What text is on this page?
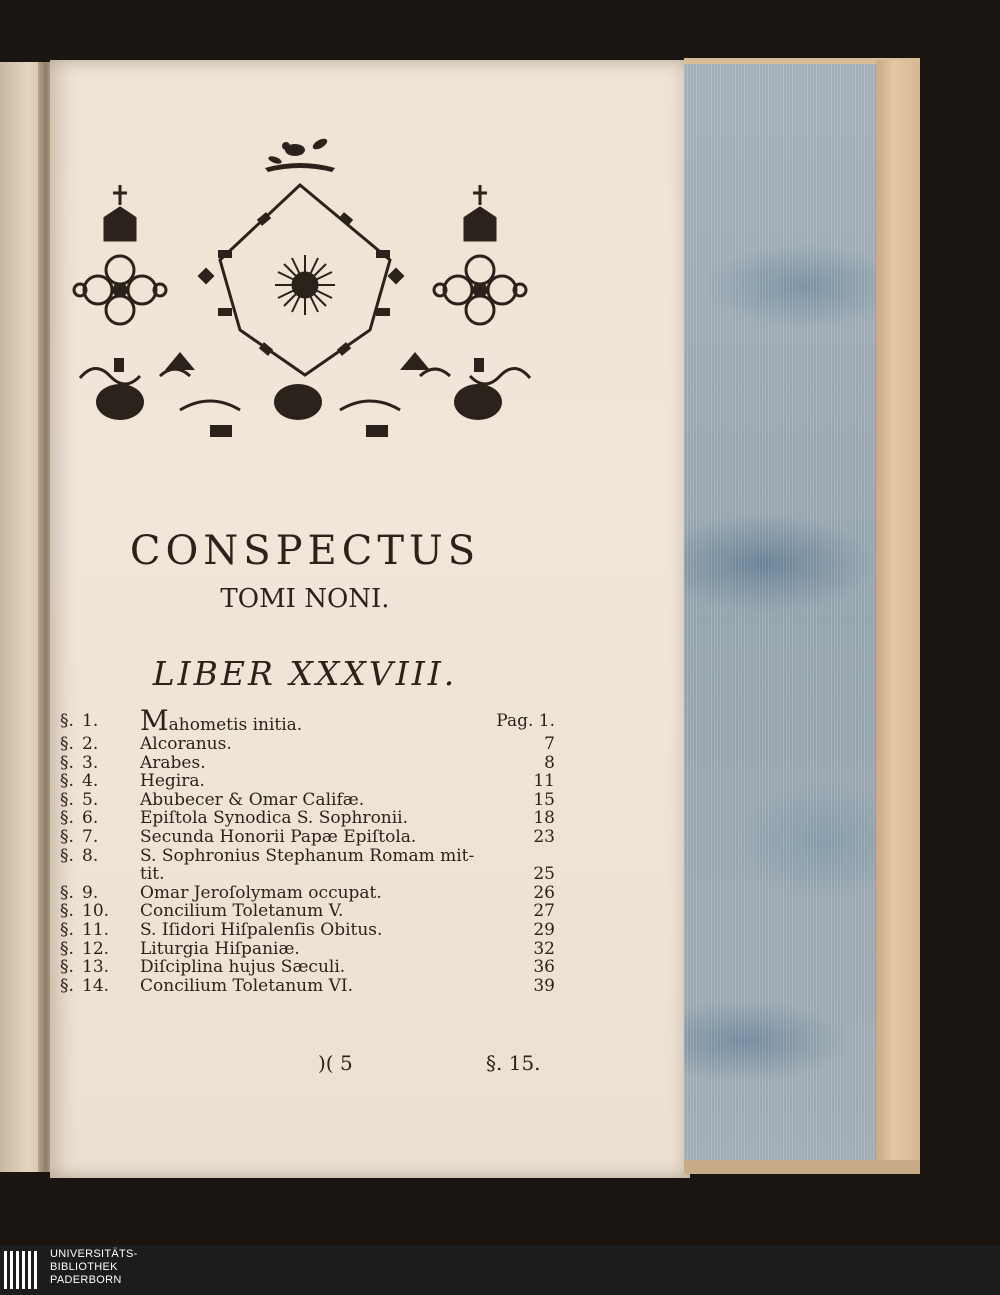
CONSPECTUS
TOMI NONI.
LIBER XXXVIII.
§. 1.	Mahometis initia.	Pag. 1.
§. 2.	Alcoranus.	7
§. 3.	Arabes.	8
§. 4.	Hegira.	11
§. 5.	Abubecer & Omar Califæ.	15
§. 6.	Epiſtola Synodica S. Sophronii.	18
§. 7.	Secunda Honorii Papæ Epiſtola.	23
§. 8.	S. Sophronius Stephanum Romam mit-
tit.	25
§. 9.	Omar Jeroſolymam occupat.	26
§. 10.	Concilium Toletanum V.	27
§. 11.	S. Iſidori Hiſpalenſis Obitus.	29
§. 12.	Liturgia Hiſpaniæ.	32
§. 13.	Diſciplina hujus Sæculi.	36
§. 14.	Concilium Toletanum VI.	39
)( 5	§. 15.
UNIVERSITÄTS-
BIBLIOTHEK
PADERBORN
